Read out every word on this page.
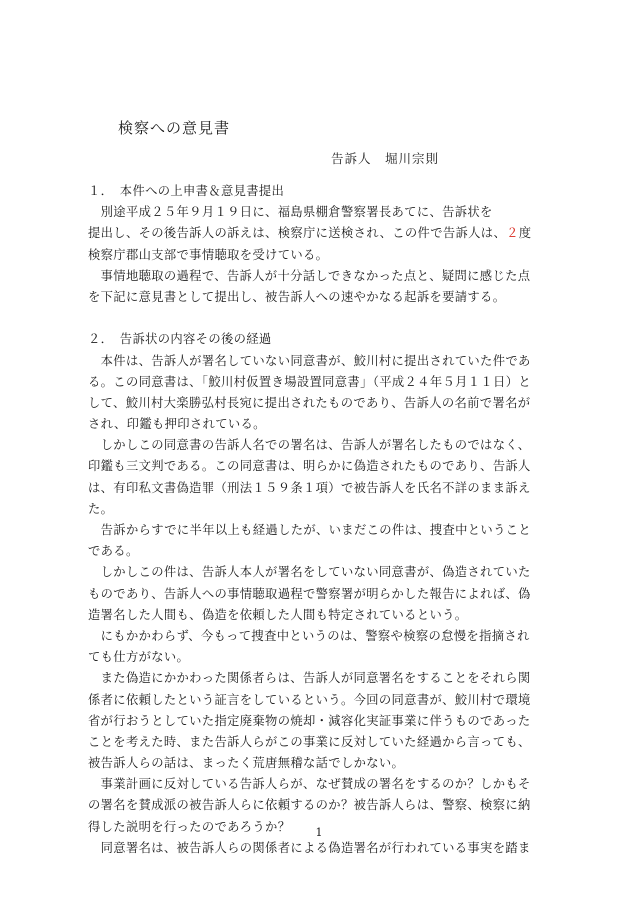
検察への意見書
告訴人　堀川宗則
１．　本件への上申書＆意見書提出
　別途平成２５年９月１９日に、福島県棚倉警察署長あてに、告訴状を
提出し、その後告訴人の訴えは、検察庁に送検され、この件で告訴人は、２度
検察庁郡山支部で事情聴取を受けている。
　事情地聴取の過程で、告訴人が十分話しできなかった点と、疑問に感じた点
を下記に意見書として提出し、被告訴人への速やかなる起訴を要請する。
２．　告訴状の内容その後の経過
　本件は、告訴人が署名していない同意書が、鮫川村に提出されていた件であ
る。この同意書は、「鮫川村仮置き場設置同意書」（平成２４年５月１１日）と
して、鮫川村大楽勝弘村長宛に提出されたものであり、告訴人の名前で署名が
され、印鑑も押印されている。
　しかしこの同意書の告訴人名での署名は、告訴人が署名したものではなく、
印鑑も三文判である。この同意書は、明らかに偽造されたものであり、告訴人
は、有印私文書偽造罪（刑法１５９条１項）で被告訴人を氏名不詳のまま訴え
た。
　告訴からすでに半年以上も経過したが、いまだこの件は、捜査中ということ
である。
　しかしこの件は、告訴人本人が署名をしていない同意書が、偽造されていた
ものであり、告訴人への事情聴取過程で警察署が明らかした報告によれば、偽
造署名した人間も、偽造を依頼した人間も特定されているという。
　にもかかわらず、今もって捜査中というのは、警察や検察の怠慢を指摘され
ても仕方がない。
　また偽造にかかわった関係者らは、告訴人が同意署名をすることをそれら関
係者に依頼したという証言をしているという。今回の同意書が、鮫川村で環境
省が行おうとしていた指定廃棄物の焼却・減容化実証事業に伴うものであった
ことを考えた時、また告訴人らがこの事業に反対していた経過から言っても、
被告訴人らの話は、まったく荒唐無稽な話でしかない。
　事業計画に反対している告訴人らが、なぜ賛成の署名をするのか？しかもそ
の署名を賛成派の被告訴人らに依頼するのか？被告訴人らは、警察、検察に納
得した説明を行ったのであろうか？
　同意署名は、被告訴人らの関係者による偽造署名が行われている事実を踏ま
1
